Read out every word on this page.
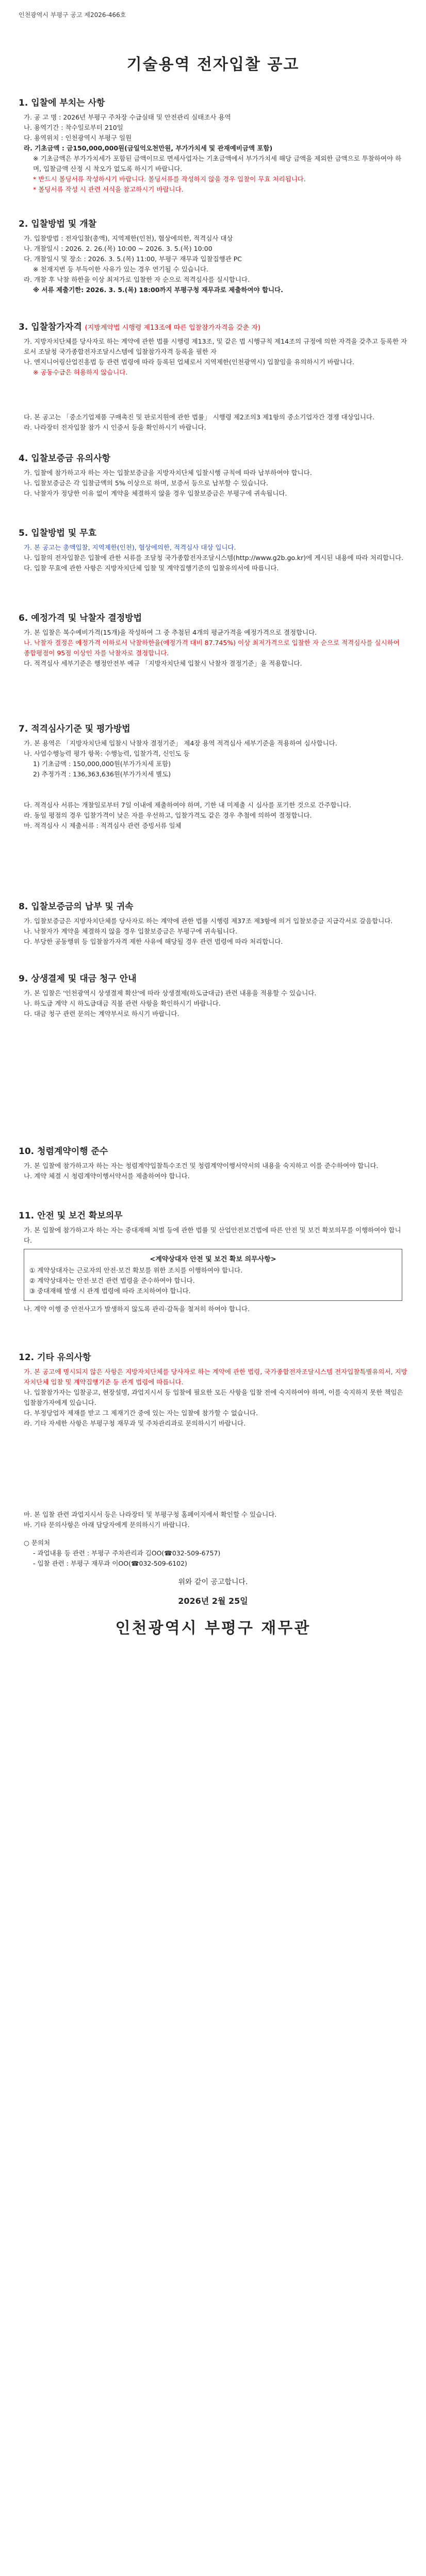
인천광역시 부평구 공고 제2026-466호
기술용역 전자입찰 공고
1. 입찰에 부치는 사항

가. 공 고 명 : 2026년 부평구 주차장 수급실태 및 안전관리 실태조사 용역

나. 용역기간 : 착수일로부터 210일

다. 용역위치 : 인천광역시 부평구 일원

라. 기초금액 : 금150,000,000원(금일억오천만원, 부가가치세 및 관재예비금액 포함)

※ 기초금액은 부가가치세가 포함된 금액이므로 면세사업자는 기초금액에서 부가가치세 해당 금액을 제외한 금액으로 투찰하여야 하며, 입찰금액 산정 시 착오가 없도록 하시기 바랍니다.

* 반드시 볼딩서류 작성하시기 바랍니다. 볼딩서류를 작성하지 않을 경우 입찰이 무효 처리됩니다.

* 볼딩서류 작성 시 관련 서식을 참고하시기 바랍니다.

2. 입찰방법 및 개찰

가. 입찰방법 : 전자입찰(총액), 지역제한(인천), 협상에의한, 적격심사 대상

나. 개찰일시 : 2026. 2. 26.(목) 10:00 ~ 2026. 3. 5.(목) 10:00

다. 개찰일시 및 장소 : 2026. 3. 5.(목) 11:00, 부평구 재무과 입찰집행관 PC

※ 천재지변 등 부득이한 사유가 있는 경우 연기될 수 있습니다.

라. 개찰 후 낙찰 하한율 이상 최저가로 입찰한 자 순으로 적격심사를 실시합니다.

※ 서류 제출기한: 2026. 3. 5.(목) 18:00까지 부평구청 재무과로 제출하여야 합니다.

3. 입찰참가자격 (지방계약법 시행령 제13조에 따른 입찰참가자격을 갖춘 자)

가. 지방자치단체를 당사자로 하는 계약에 관한 법률 시행령 제13조, 및 같은 법 시행규칙 제14조의 규정에 의한 자격을 갖추고 등록한 자로서 조달청 국가종합전자조달시스템에 입찰참가자격 등록을 필한 자

나. 엔지니어링산업진흥법 등 관련 법령에 따라 등록된 업체로서 지역제한(인천광역시) 입찰임을 유의하시기 바랍니다.

※ 공동수급은 허용하지 않습니다.

다. 본 공고는 「중소기업제품 구매촉진 및 판로지원에 관한 법률」 시행령 제2조의3 제1항의 중소기업자간 경쟁 대상입니다.

라. 나라장터 전자입찰 참가 시 인증서 등을 확인하시기 바랍니다.

4. 입찰보증금 유의사항

가. 입찰에 참가하고자 하는 자는 입찰보증금을 지방자치단체 입찰시행 규칙에 따라 납부하여야 합니다.

나. 입찰보증금은 각 입찰금액의 5% 이상으로 하며, 보증서 등으로 납부할 수 있습니다.

다. 낙찰자가 정당한 이유 없이 계약을 체결하지 않을 경우 입찰보증금은 부평구에 귀속됩니다.

5. 입찰방법 및 무효

가. 본 공고는 총액입찰, 지역제한(인천), 협상에의한, 적격심사 대상 입니다.

나. 입찰의 전자입찰은 입찰에 관한 서류를 조달청 국가종합전자조달시스템(http://www.g2b.go.kr)에 게시된 내용에 따라 처리합니다.

다. 입찰 무효에 관한 사항은 지방자치단체 입찰 및 계약집행기준의 입찰유의서에 따릅니다.

6. 예정가격 및 낙찰자 결정방법

가. 본 입찰은 복수예비가격(15개)을 작성하여 그 중 추첨된 4개의 평균가격을 예정가격으로 결정합니다.

나. 낙찰자 결정은 예정가격 이하로서 낙찰하한율(예정가격 대비 87.745%) 이상 최저가격으로 입찰한 자 순으로 적격심사를 실시하여 종합평점이 95점 이상인 자를 낙찰자로 결정합니다.

다. 적격심사 세부기준은 행정안전부 예규 「지방자치단체 입찰시 낙찰자 결정기준」을 적용합니다.

7. 적격심사기준 및 평가방법

가. 본 용역은 「지방자치단체 입찰시 낙찰자 결정기준」 제4장 용역 적격심사 세부기준을 적용하여 심사합니다.

나. 사업수행능력 평가 항목: 수행능력, 입찰가격, 신인도 등

1) 기초금액 : 150,000,000원(부가가치세 포함)

2) 추정가격 : 136,363,636원(부가가치세 별도)

다. 적격심사 서류는 개찰일로부터 7일 이내에 제출하여야 하며, 기한 내 미제출 시 심사를 포기한 것으로 간주합니다.

라. 동일 평점의 경우 입찰가격이 낮은 자를 우선하고, 입찰가격도 같은 경우 추첨에 의하여 결정합니다.

마. 적격심사 시 제출서류 : 적격심사 관련 증빙서류 일체

8. 입찰보증금의 납부 및 귀속

가. 입찰보증금은 지방자치단체를 당사자로 하는 계약에 관한 법률 시행령 제37조 제3항에 의거 입찰보증금 지급각서로 갈음합니다.

나. 낙찰자가 계약을 체결하지 않을 경우 입찰보증금은 부평구에 귀속됩니다.

다. 부당한 공동행위 등 입찰참가자격 제한 사유에 해당될 경우 관련 법령에 따라 처리합니다.

9. 상생결제 및 대금 청구 안내

가. 본 입찰은 '인천광역시 상생결제 확산'에 따라 상생결제(하도급대금) 관련 내용을 적용할 수 있습니다.

나. 하도급 계약 시 하도급대금 직불 관련 사항을 확인하시기 바랍니다.

다. 대금 청구 관련 문의는 계약부서로 하시기 바랍니다.

10. 청렴계약이행 준수

가. 본 입찰에 참가하고자 하는 자는 청렴계약입찰특수조건 및 청렴계약이행서약서의 내용을 숙지하고 이를 준수하여야 합니다.

나. 계약 체결 시 청렴계약이행서약서를 제출하여야 합니다.

11. 안전 및 보건 확보의무

가. 본 입찰에 참가하고자 하는 자는 중대재해 처벌 등에 관한 법률 및 산업안전보건법에 따른 안전 및 보건 확보의무를 이행하여야 합니다.

<계약상대자 안전 및 보건 확보 의무사항>

① 계약상대자는 근로자의 안전·보건 확보를 위한 조치를 이행하여야 합니다.

② 계약상대자는 안전·보건 관련 법령을 준수하여야 합니다.

③ 중대재해 발생 시 관계 법령에 따라 조치하여야 합니다.

나. 계약 이행 중 안전사고가 발생하지 않도록 관리·감독을 철저히 하여야 합니다.

12. 기타 유의사항

가. 본 공고에 명시되지 않은 사항은 지방자치단체를 당사자로 하는 계약에 관한 법령, 국가종합전자조달시스템 전자입찰특별유의서, 지방자치단체 입찰 및 계약집행기준 등 관계 법령에 따릅니다.

나. 입찰참가자는 입찰공고, 현장설명, 과업지시서 등 입찰에 필요한 모든 사항을 입찰 전에 숙지하여야 하며, 이를 숙지하지 못한 책임은 입찰참가자에게 있습니다.

다. 부정당업자 제재를 받고 그 제재기간 중에 있는 자는 입찰에 참가할 수 없습니다.

라. 기타 자세한 사항은 부평구청 재무과 및 주차관리과로 문의하시기 바랍니다.

마. 본 입찰 관련 과업지시서 등은 나라장터 및 부평구청 홈페이지에서 확인할 수 있습니다.

바. 기타 문의사항은 아래 담당자에게 문의하시기 바랍니다.

○ 문의처

- 과업내용 등 관련 : 부평구 주차관리과 김OO(☎032-509-6757)

- 입찰 관련 : 부평구 재무과 이OO(☎032-509-6102)

위와 같이 공고합니다.
2026년 2월 25일
인천광역시 부평구 재무관
